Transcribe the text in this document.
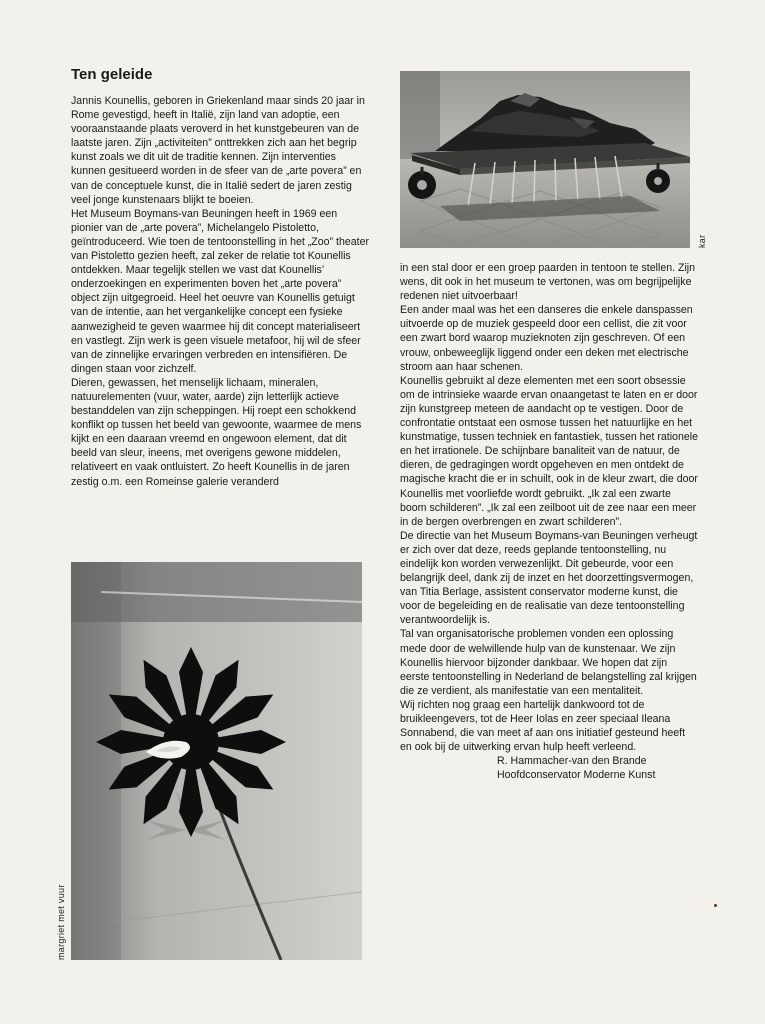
Ten geleide

Jannis Kounellis, geboren in Griekenland maar sinds 20 jaar in Rome gevestigd, heeft in Italië, zijn land van adoptie, een vooraanstaande plaats veroverd in het kunstgebeuren van de laatste jaren. Zijn „activiteiten” onttrekken zich aan het begrip kunst zoals we dit uit de traditie kennen. Zijn interventies kunnen gesitueerd worden in de sfeer van de „arte povera” en van de conceptuele kunst, die in Italië sedert de jaren zestig veel jonge kunstenaars blijkt te boeien.

Het Museum Boymans-van Beuningen heeft in 1969 een pionier van de „arte povera”, Michelangelo Pistoletto, geïntroduceerd. Wie toen de tentoonstelling in het „Zoo” theater van Pistoletto gezien heeft, zal zeker de relatie tot Kounellis ontdekken. Maar tegelijk stellen we vast dat Kounellis’ onderzoekingen en experimenten boven het „arte povera” object zijn uitgegroeid. Heel het oeuvre van Kounellis getuigt van de intentie, aan het vergankelijke concept een fysieke aanwezigheid te geven waarmee hij dit concept materialiseert en vastlegt. Zijn werk is geen visuele metafoor, hij wil de sfeer van de zinnelijke ervaringen verbreden en intensifiëren. De dingen staan voor zichzelf.

Dieren, gewassen, het menselijk lichaam, mineralen, natuurelementen (vuur, water, aarde) zijn letterlijk actieve bestanddelen van zijn scheppingen. Hij roept een schokkend konflikt op tussen het beeld van gewoonte, waarmee de mens kijkt en een daaraan vreemd en ongewoon element, dat dit beeld van sleur, ineens, met overigens gewone middelen, relativeert en vaak ontluistert. Zo heeft Kounellis in de jaren zestig o.m. een Romeinse galerie veranderd

kar

in een stal door er een groep paarden in tentoon te stellen. Zijn wens, dit ook in het museum te vertonen, was om begrijpelijke redenen niet uitvoerbaar!

Een ander maal was het een danseres die enkele danspassen uitvoerde op de muziek gespeeld door een cellist, die zit voor een zwart bord waarop muzieknoten zijn geschreven. Of een vrouw, onbeweeglijk liggend onder een deken met electrische stroom aan haar schenen.

Kounellis gebruikt al deze elementen met een soort obsessie om de intrinsieke waarde ervan onaangetast te laten en er door zijn kunstgreep meteen de aandacht op te vestigen. Door de confrontatie ontstaat een osmose tussen het natuurlijke en het kunstmatige, tussen techniek en fantastiek, tussen het rationele en het irrationele. De schijnbare banaliteit van de natuur, de dieren, de gedragingen wordt opgeheven en men ontdekt de magische kracht die er in schuilt, ook in de kleur zwart, die door Kounellis met voorliefde wordt gebruikt. „Ik zal een zwarte boom schilderen”. „Ik zal een zeilboot uit de zee naar een meer in de bergen overbrengen en zwart schilderen”.

De directie van het Museum Boymans-van Beuningen verheugt er zich over dat deze, reeds geplande tentoonstelling, nu eindelijk kon worden verwezenlijkt. Dit gebeurde, voor een belangrijk deel, dank zij de inzet en het doorzettingsvermogen, van Titia Berlage, assistent conservator moderne kunst, die voor de begeleiding en de realisatie van deze tentoonstelling verantwoordelijk is.

Tal van organisatorische problemen vonden een oplossing mede door de welwillende hulp van de kunstenaar. We zijn Kounellis hiervoor bijzonder dankbaar. We hopen dat zijn eerste tentoonstelling in Nederland de belangstelling zal krijgen die ze verdient, als manifestatie van een mentaliteit.

Wij richten nog graag een hartelijk dankwoord tot de bruikleengevers, tot de Heer Iolas en zeer speciaal Ileana Sonnabend, die van meet af aan ons initiatief gesteund heeft en ook bij de uitwerking ervan hulp heeft verleend.

R. Hammacher-van den Brande

Hoofdconservator Moderne Kunst

margriet met vuur
